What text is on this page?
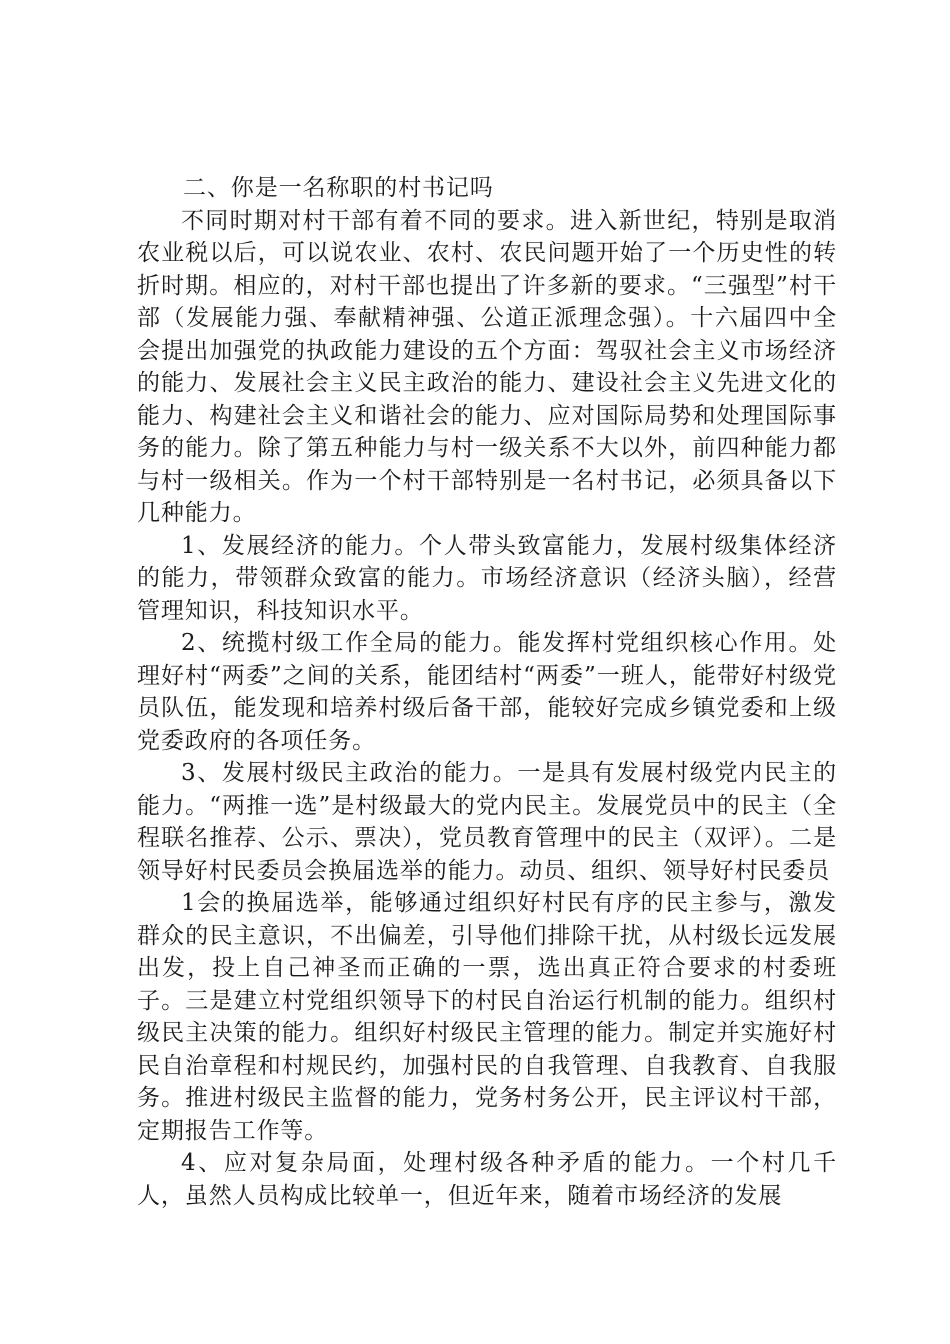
二、你是一名称职的村书记吗

不同时期对村干部有着不同的要求。进入新世纪，特别是取消农业税以后，可以说农业、农村、农民问题开始了一个历史性的转折时期。相应的，对村干部也提出了许多新的要求。“三强型”村干部（发展能力强、奉献精神强、公道正派理念强）。十六届四中全会提出加强党的执政能力建设的五个方面：驾驭社会主义市场经济的能力、发展社会主义民主政治的能力、建设社会主义先进文化的能力、构建社会主义和谐社会的能力、应对国际局势和处理国际事务的能力。除了第五种能力与村一级关系不大以外，前四种能力都与村一级相关。作为一个村干部特别是一名村书记，必须具备以下几种能力。

1、发展经济的能力。个人带头致富能力，发展村级集体经济的能力，带领群众致富的能力。市场经济意识（经济头脑），经营管理知识，科技知识水平。

2、统揽村级工作全局的能力。能发挥村党组织核心作用。处理好村“两委”之间的关系，能团结村“两委”一班人，能带好村级党员队伍，能发现和培养村级后备干部，能较好完成乡镇党委和上级党委政府的各项任务。

3、发展村级民主政治的能力。一是具有发展村级党内民主的能力。“两推一选”是村级最大的党内民主。发展党员中的民主（全程联名推荐、公示、票决），党员教育管理中的民主（双评）。二是领导好村民委员会换届选举的能力。动员、组织、领导好村民委员

1会的换届选举，能够通过组织好村民有序的民主参与，激发群众的民主意识，不出偏差，引导他们排除干扰，从村级长远发展出发，投上自己神圣而正确的一票，选出真正符合要求的村委班子。三是建立村党组织领导下的村民自治运行机制的能力。组织村级民主决策的能力。组织好村级民主管理的能力。制定并实施好村民自治章程和村规民约，加强村民的自我管理、自我教育、自我服务。推进村级民主监督的能力，党务村务公开，民主评议村干部，定期报告工作等。

4、应对复杂局面，处理村级各种矛盾的能力。一个村几千人，虽然人员构成比较单一，但近年来，随着市场经济的发展
